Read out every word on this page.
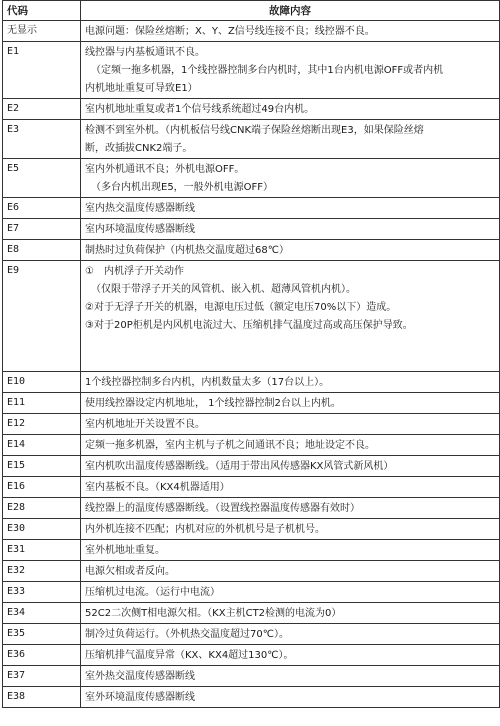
代码	故障内容
无显示	电源问题：保险丝熔断；X、Y、Z信号线连接不良；线控器不良。

E1	线控器与内基板通讯不良。
（定频一拖多机器，1个线控器控制多台内机时，其中1台内机电源OFF或者内机
内机地址重复可导致E1）

E2	室内机地址重复或者1个信号线系统超过49台内机。

E3	检测不到室外机。（内机板信号线CNK端子保险丝熔断出现E3，如果保险丝熔
断，改插拔CNK2端子。

E5	室内外机通讯不良；外机电源OFF。
（多台内机出现E5，一般外机电源OFF）

E6	室内热交温度传感器断线

E7	室内环境温度传感器断线

E8	制热时过负荷保护（内机热交温度超过68℃）

E9	①　内机浮子开关动作
（仅限于带浮子开关的风管机、嵌入机、超薄风管机内机）。
②对于无浮子开关的机器，电源电压过低（额定电压70%以下）造成。
③对于20P柜机是内风机电流过大、压缩机排气温度过高或高压保护导致。

E10	1个线控器控制多台内机，内机数量太多（17台以上）。

E11	使用线控器设定内机地址， 1个线控器控制2台以上内机。

E12	室内机地址开关设置不良。

E14	定频一拖多机器，室内主机与子机之间通讯不良；地址设定不良。

E15	室内机吹出温度传感器断线。（适用于带出风传感器KX风管式新风机）

E16	室内基板不良。（KX4机器适用）

E28	线控器上的温度传感器断线。（设置线控器温度传感器有效时）

E30	内外机连接不匹配；内机对应的外机机号是子机机号。

E31	室外机地址重复。

E32	电源欠相或者反向。

E33	压缩机过电流。（运行中电流）

E34	52C2二次侧T相电源欠相。（KX主机CT2检测的电流为0）

E35	制冷过负荷运行。（外机热交温度超过70℃）。

E36	压缩机排气温度异常（KX、KX4超过130℃）。

E37	室外热交温度传感器断线

E38	室外环境温度传感器断线
